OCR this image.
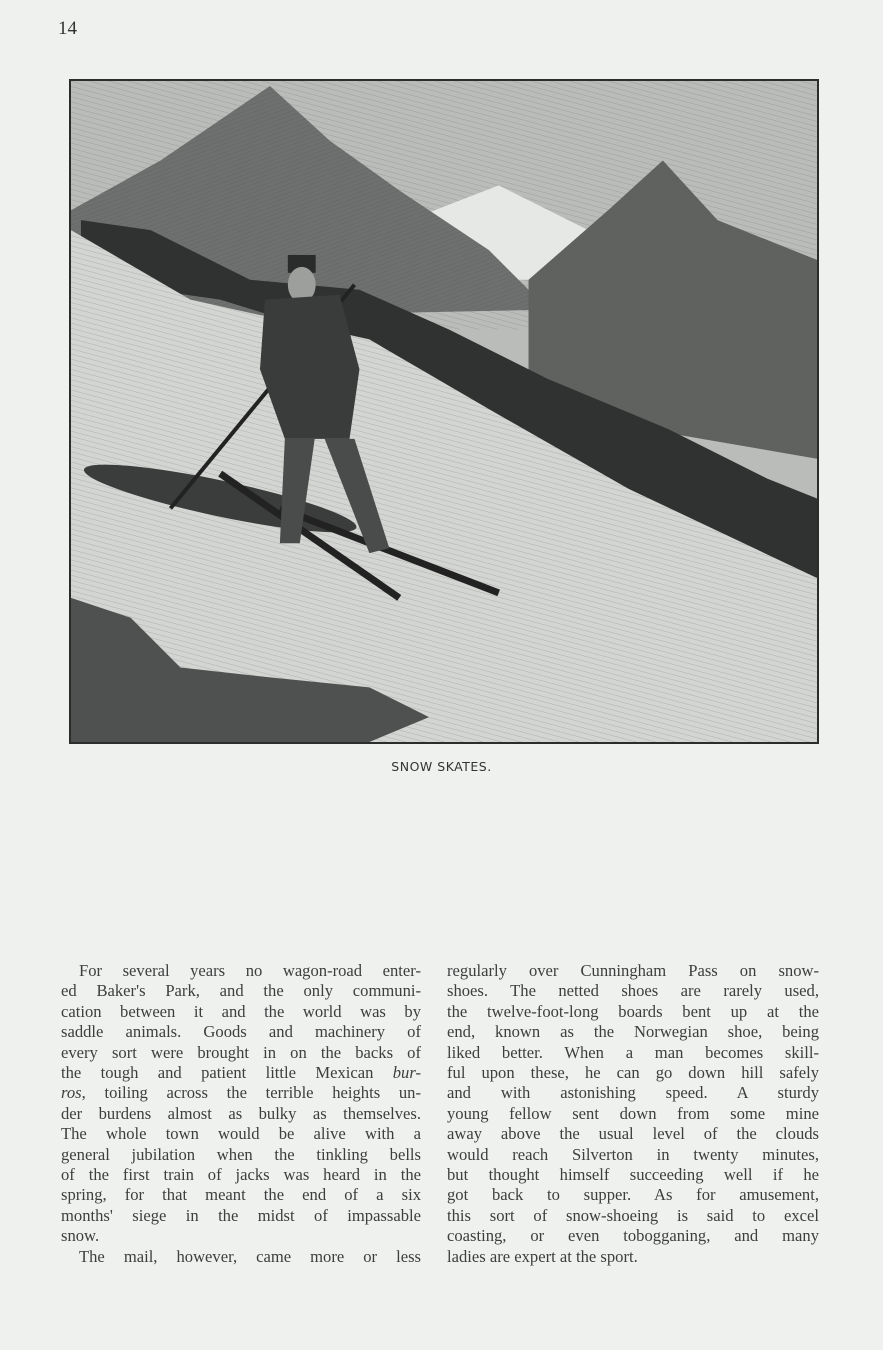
14
SNOW SKATES.
For several years no wagon-road enter-
ed Baker's Park, and the only communi-
cation between it and the world was by
saddle animals. Goods and machinery of
every sort were brought in on the backs of
the tough and patient little Mexican bur-
ros, toiling across the terrible heights un-
der burdens almost as bulky as themselves.
The whole town would be alive with a
general jubilation when the tinkling bells
of the first train of jacks was heard in the
spring, for that meant the end of a six
months' siege in the midst of impassable
snow.
The mail, however, came more or less
regularly over Cunningham Pass on snow-
shoes. The netted shoes are rarely used,
the twelve-foot-long boards bent up at the
end, known as the Norwegian shoe, being
liked better. When a man becomes skill-
ful upon these, he can go down hill safely
and with astonishing speed. A sturdy
young fellow sent down from some mine
away above the usual level of the clouds
would reach Silverton in twenty minutes,
but thought himself succeeding well if he
got back to supper. As for amusement,
this sort of snow-shoeing is said to excel
coasting, or even tobogganing, and many
ladies are expert at the sport.
